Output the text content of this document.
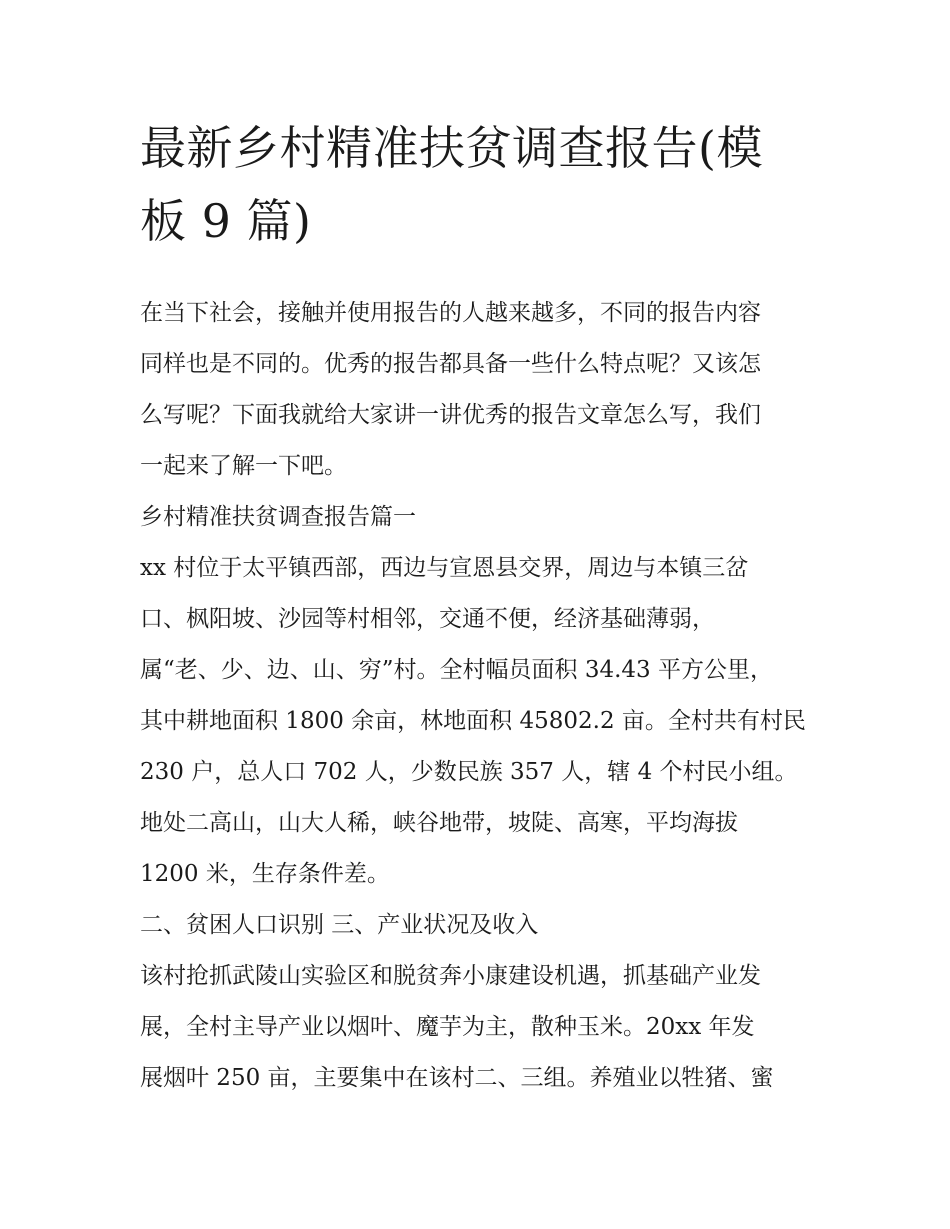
最新乡村精准扶贫调查报告(模
板 9 篇)
在当下社会，接触并使用报告的人越来越多，不同的报告内容
同样也是不同的。优秀的报告都具备一些什么特点呢？又该怎
么写呢？下面我就给大家讲一讲优秀的报告文章怎么写，我们
一起来了解一下吧。
乡村精准扶贫调查报告篇一
xx 村位于太平镇西部，西边与宣恩县交界，周边与本镇三岔
口、枫阳坡、沙园等村相邻，交通不便，经济基础薄弱，
属“老、少、边、山、穷”村。全村幅员面积 34.43 平方公里，
其中耕地面积 1800 余亩，林地面积 45802.2 亩。全村共有村民
230 户，总人口 702 人，少数民族 357 人，辖 4 个村民小组。
地处二高山，山大人稀，峡谷地带，坡陡、高寒，平均海拔
1200 米，生存条件差。
二、贫困人口识别 三、产业状况及收入
该村抢抓武陵山实验区和脱贫奔小康建设机遇，抓基础产业发
展，全村主导产业以烟叶、魔芋为主，散种玉米。20xx 年发
展烟叶 250 亩，主要集中在该村二、三组。养殖业以牲猪、蜜
